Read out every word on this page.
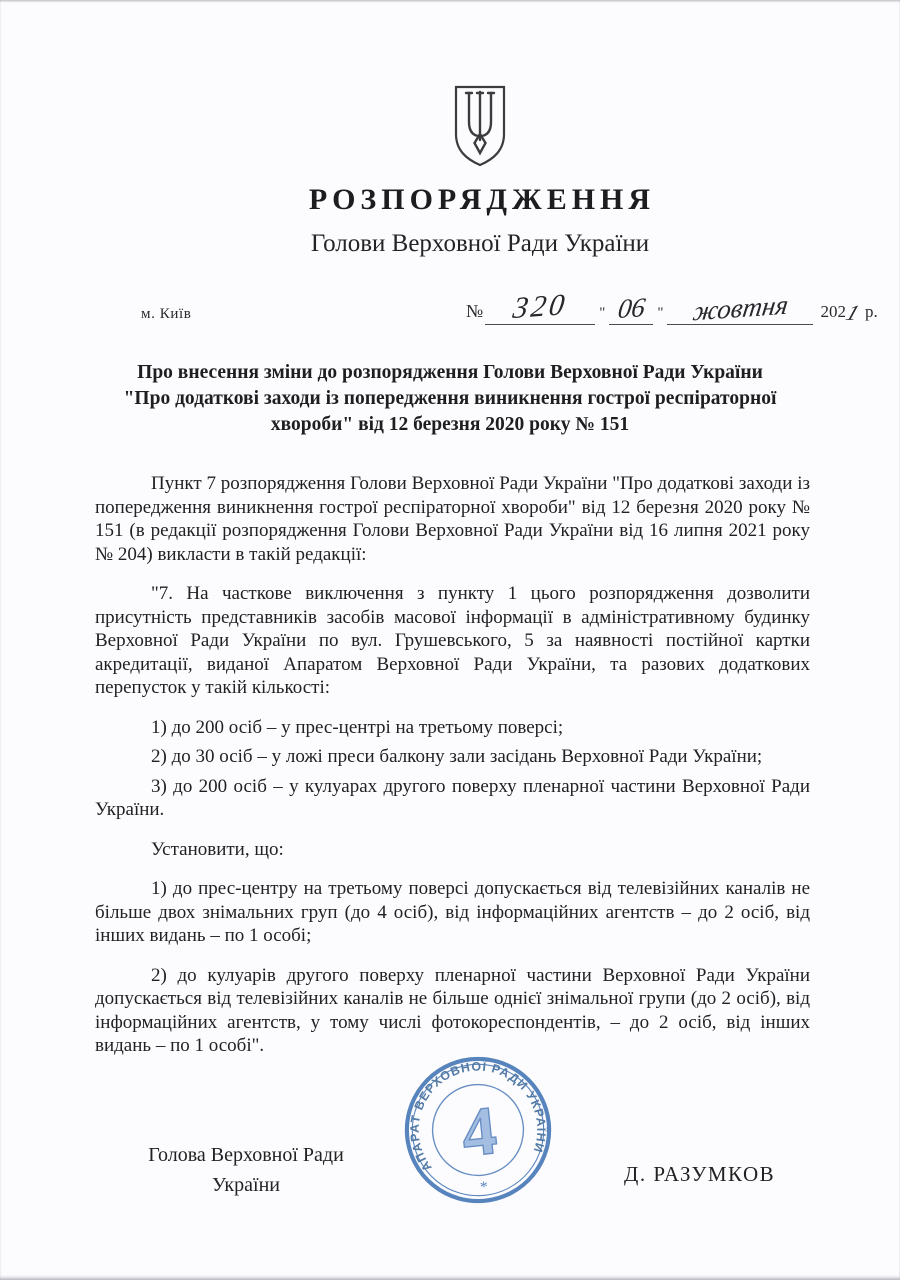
РОЗПОРЯДЖЕННЯ
Голови Верховної Ради України
м. Київ	№ 320	" 06 "	жовтня	202
1 р.
Про внесення зміни до розпорядження Голови Верховної Ради України
"Про додаткові заходи із попередження виникнення гострої респіраторної
хвороби" від 12 березня 2020 року № 151

Пункт 7 розпорядження Голови Верховної Ради України "Про додаткові заходи із попередження виникнення гострої респіраторної хвороби" від 12 березня 2020 року № 151 (в редакції розпорядження Голови Верховної Ради України від 16 липня 2021 року № 204) викласти в такій редакції:

"7. На часткове виключення з пункту 1 цього розпорядження дозволити присутність представників засобів масової інформації в адміністративному будинку Верховної Ради України по вул. Грушевського, 5 за наявності постійної картки акредитації, виданої Апаратом Верховної Ради України, та разових додаткових перепусток у такій кількості:

1) до 200 осіб – у прес-центрі на третьому поверсі;

2) до 30 осіб – у ложі преси балкону зали засідань Верховної Ради України;

3) до 200 осіб – у кулуарах другого поверху пленарної частини Верховної Ради України.

Установити, що:

1) до прес-центру на третьому поверсі допускається від телевізійних каналів не більше двох знімальних груп (до 4 осіб), від інформаційних агентств – до 2 осіб, від інших видань – по 1 особі;

2) до кулуарів другого поверху пленарної частини Верховної Ради України допускається від телевізійних каналів не більше однієї знімальної групи (до 2 осіб), від інформаційних агентств, у тому числі фотокореспондентів, – до 2 осіб, від інших видань – по 1 особі".

Голова Верховної Ради
України	Д. РАЗУМКОВ
АПАРАТ ВЕРХОВНОЇ РАДИ УКРАЇНИ
4
*
